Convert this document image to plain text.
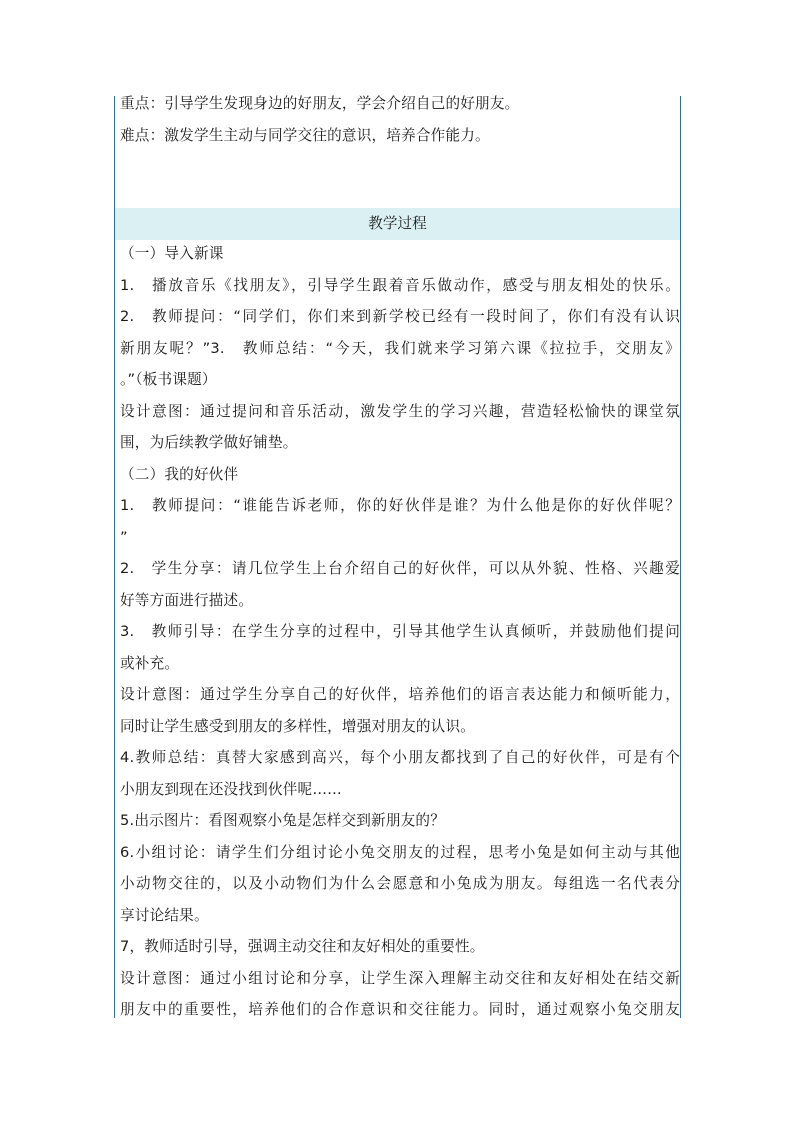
重点：引导学生发现身边的好朋友，学会介绍自己的好朋友。
难点：激发学生主动与同学交往的意识，培养合作能力。
教学过程
（一）导入新课
1.　播放音乐《找朋友》，引导学生跟着音乐做动作，感受与朋友相处的快乐。
2.　教师提问：“同学们，你们来到新学校已经有一段时间了，你们有没有认识
新朋友呢？”3.　教师总结：“今天，我们就来学习第六课《拉拉手，交朋友》
。”（板书课题）
设计意图：通过提问和音乐活动，激发学生的学习兴趣，营造轻松愉快的课堂氛
围，为后续教学做好铺垫。
（二）我的好伙伴
1.　教师提问：“谁能告诉老师，你的好伙伴是谁？为什么他是你的好伙伴呢？
”
2.　学生分享：请几位学生上台介绍自己的好伙伴，可以从外貌、性格、兴趣爱
好等方面进行描述。
3.　教师引导：在学生分享的过程中，引导其他学生认真倾听，并鼓励他们提问
或补充。
设计意图：通过学生分享自己的好伙伴，培养他们的语言表达能力和倾听能力，
同时让学生感受到朋友的多样性，增强对朋友的认识。
4.教师总结：真替大家感到高兴，每个小朋友都找到了自己的好伙伴，可是有个
小朋友到现在还没找到伙伴呢……
5.出示图片：看图观察小兔是怎样交到新朋友的？
6.小组讨论：请学生们分组讨论小兔交朋友的过程，思考小兔是如何主动与其他
小动物交往的，以及小动物们为什么会愿意和小兔成为朋友。每组选一名代表分
享讨论结果。
7，教师适时引导，强调主动交往和友好相处的重要性。
设计意图：通过小组讨论和分享，让学生深入理解主动交往和友好相处在结交新
朋友中的重要性，培养他们的合作意识和交往能力。同时，通过观察小兔交朋友
